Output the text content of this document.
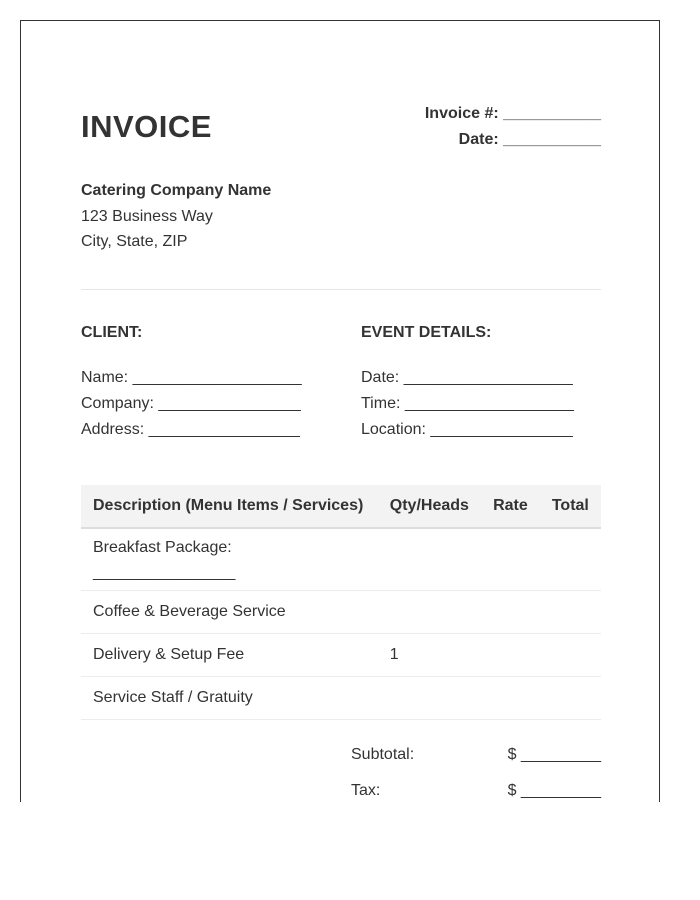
INVOICE	Invoice #: ___________
Date: ___________
Catering Company Name
123 Business Way
City, State, ZIP
CLIENT:
Name: ___________________
Company: ________________
Address: _________________
EVENT DETAILS:
Date: ___________________
Time: ___________________
Location: ________________
Description (Menu Items / Services)	Qty/Heads	Rate	Total

Breakfast Package:
________________			

Coffee & Beverage Service			
Delivery & Setup Fee	1		
Service Staff / Gratuity			
Subtotal:	$ _________
Tax:	$ _________
